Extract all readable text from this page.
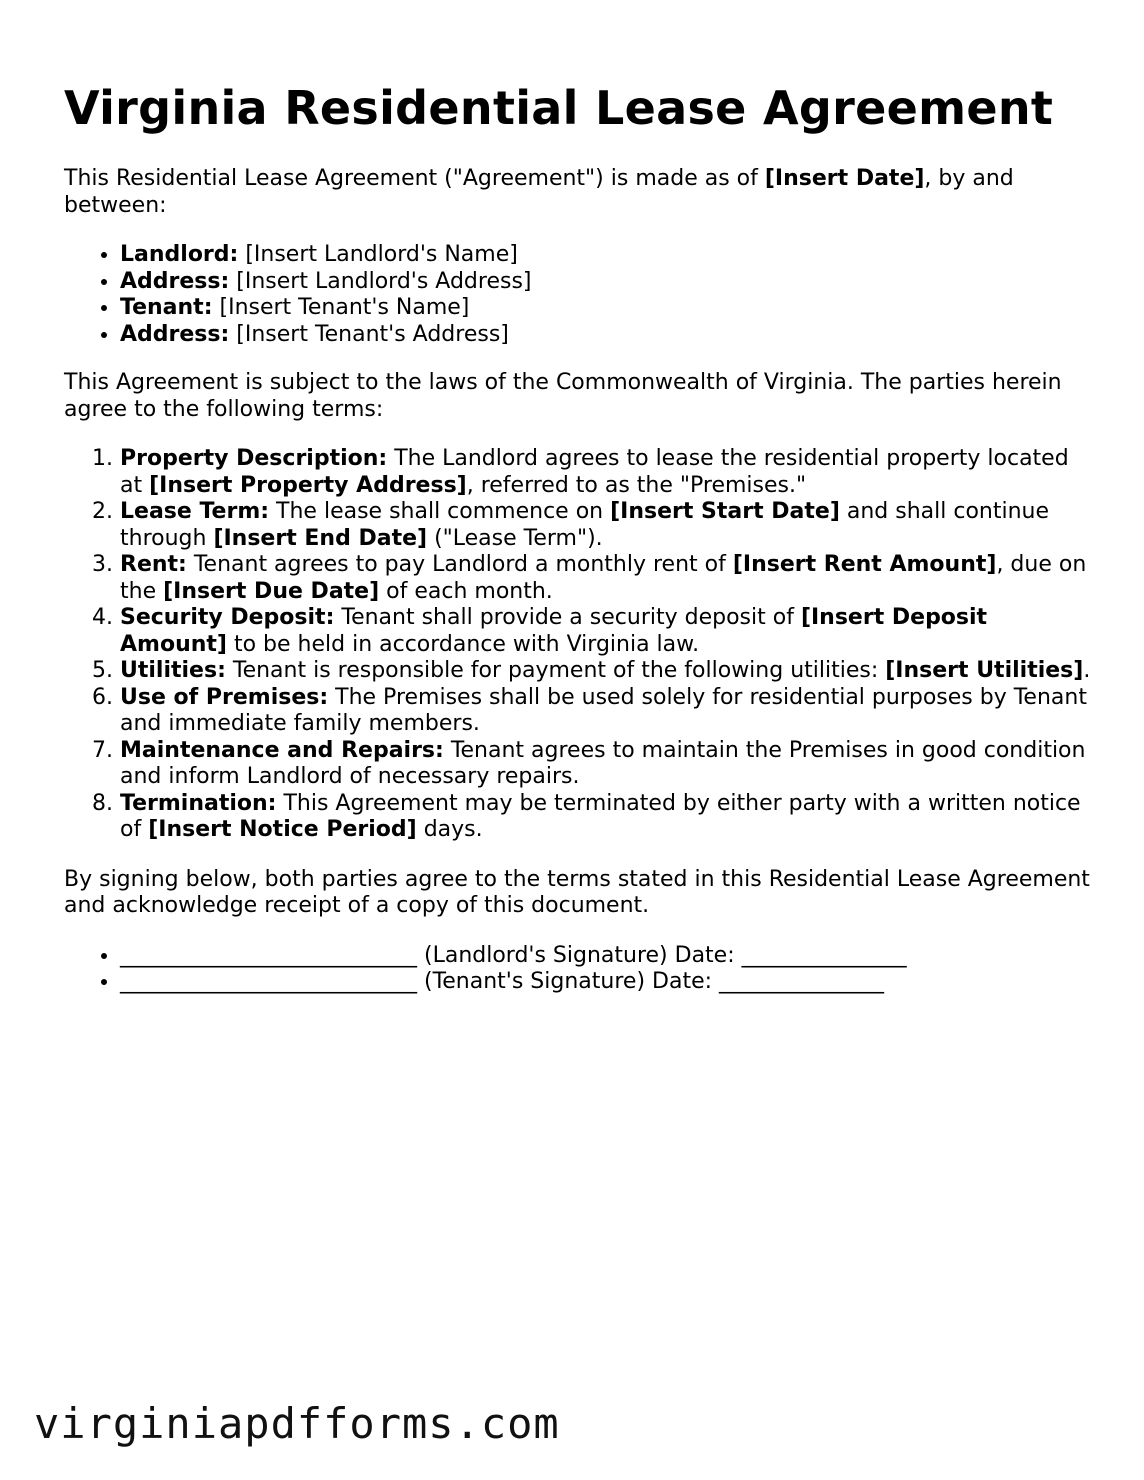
Virginia Residential Lease Agreement

This Residential Lease Agreement ("Agreement") is made as of [Insert Date], by and between:

• Landlord: [Insert Landlord's Name]
• Address: [Insert Landlord's Address]
• Tenant: [Insert Tenant's Name]
• Address: [Insert Tenant's Address]

This Agreement is subject to the laws of the Commonwealth of Virginia. The parties herein agree to the following terms:

1. Property Description: The Landlord agrees to lease the residential property located at [Insert Property Address], referred to as the "Premises."
2. Lease Term: The lease shall commence on [Insert Start Date] and shall continue through [Insert End Date] ("Lease Term").
3. Rent: Tenant agrees to pay Landlord a monthly rent of [Insert Rent Amount], due on the [Insert Due Date] of each month.
4. Security Deposit: Tenant shall provide a security deposit of [Insert Deposit Amount] to be held in accordance with Virginia law.
5. Utilities: Tenant is responsible for payment of the following utilities: [Insert Utilities].
6. Use of Premises: The Premises shall be used solely for residential purposes by Tenant and immediate family members.
7. Maintenance and Repairs: Tenant agrees to maintain the Premises in good condition and inform Landlord of necessary repairs.
8. Termination: This Agreement may be terminated by either party with a written notice of [Insert Notice Period] days.

By signing below, both parties agree to the terms stated in this Residential Lease Agreement and acknowledge receipt of a copy of this document.

• ___________________________ (Landlord's Signature) Date: _______________
• ___________________________ (Tenant's Signature) Date: _______________
virginiapdfforms.com
